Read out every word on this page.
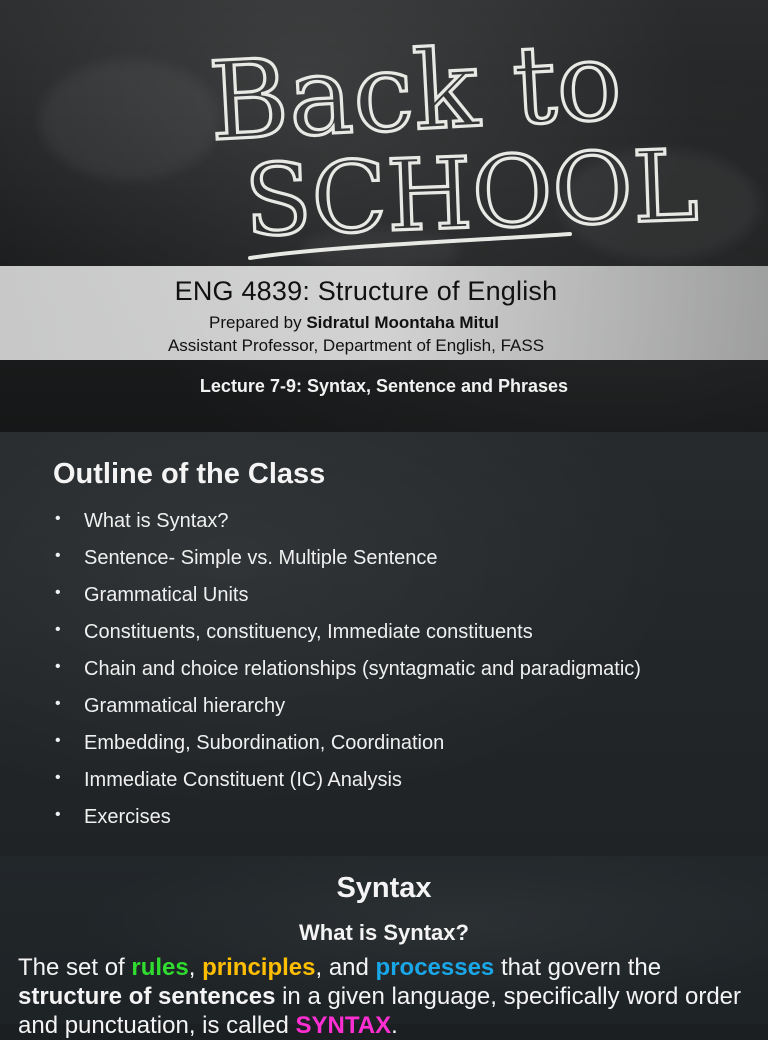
Back to
SCHOOL
ENG 4839: Structure of English
Prepared by Sidratul Moontaha Mitul
Assistant Professor, Department of English, FASS
Lecture 7-9: Syntax, Sentence and Phrases
Outline of the Class
• What is Syntax?
• Sentence- Simple vs. Multiple Sentence
• Grammatical Units
• Constituents, constituency, Immediate constituents
• Chain and choice relationships (syntagmatic and paradigmatic)
• Grammatical hierarchy
• Embedding, Subordination, Coordination
• Immediate Constituent (IC) Analysis
• Exercises
Syntax
What is Syntax?
The set of rules, principles, and processes that govern the structure of sentences in a given language, specifically word order and punctuation, is called SYNTAX.
